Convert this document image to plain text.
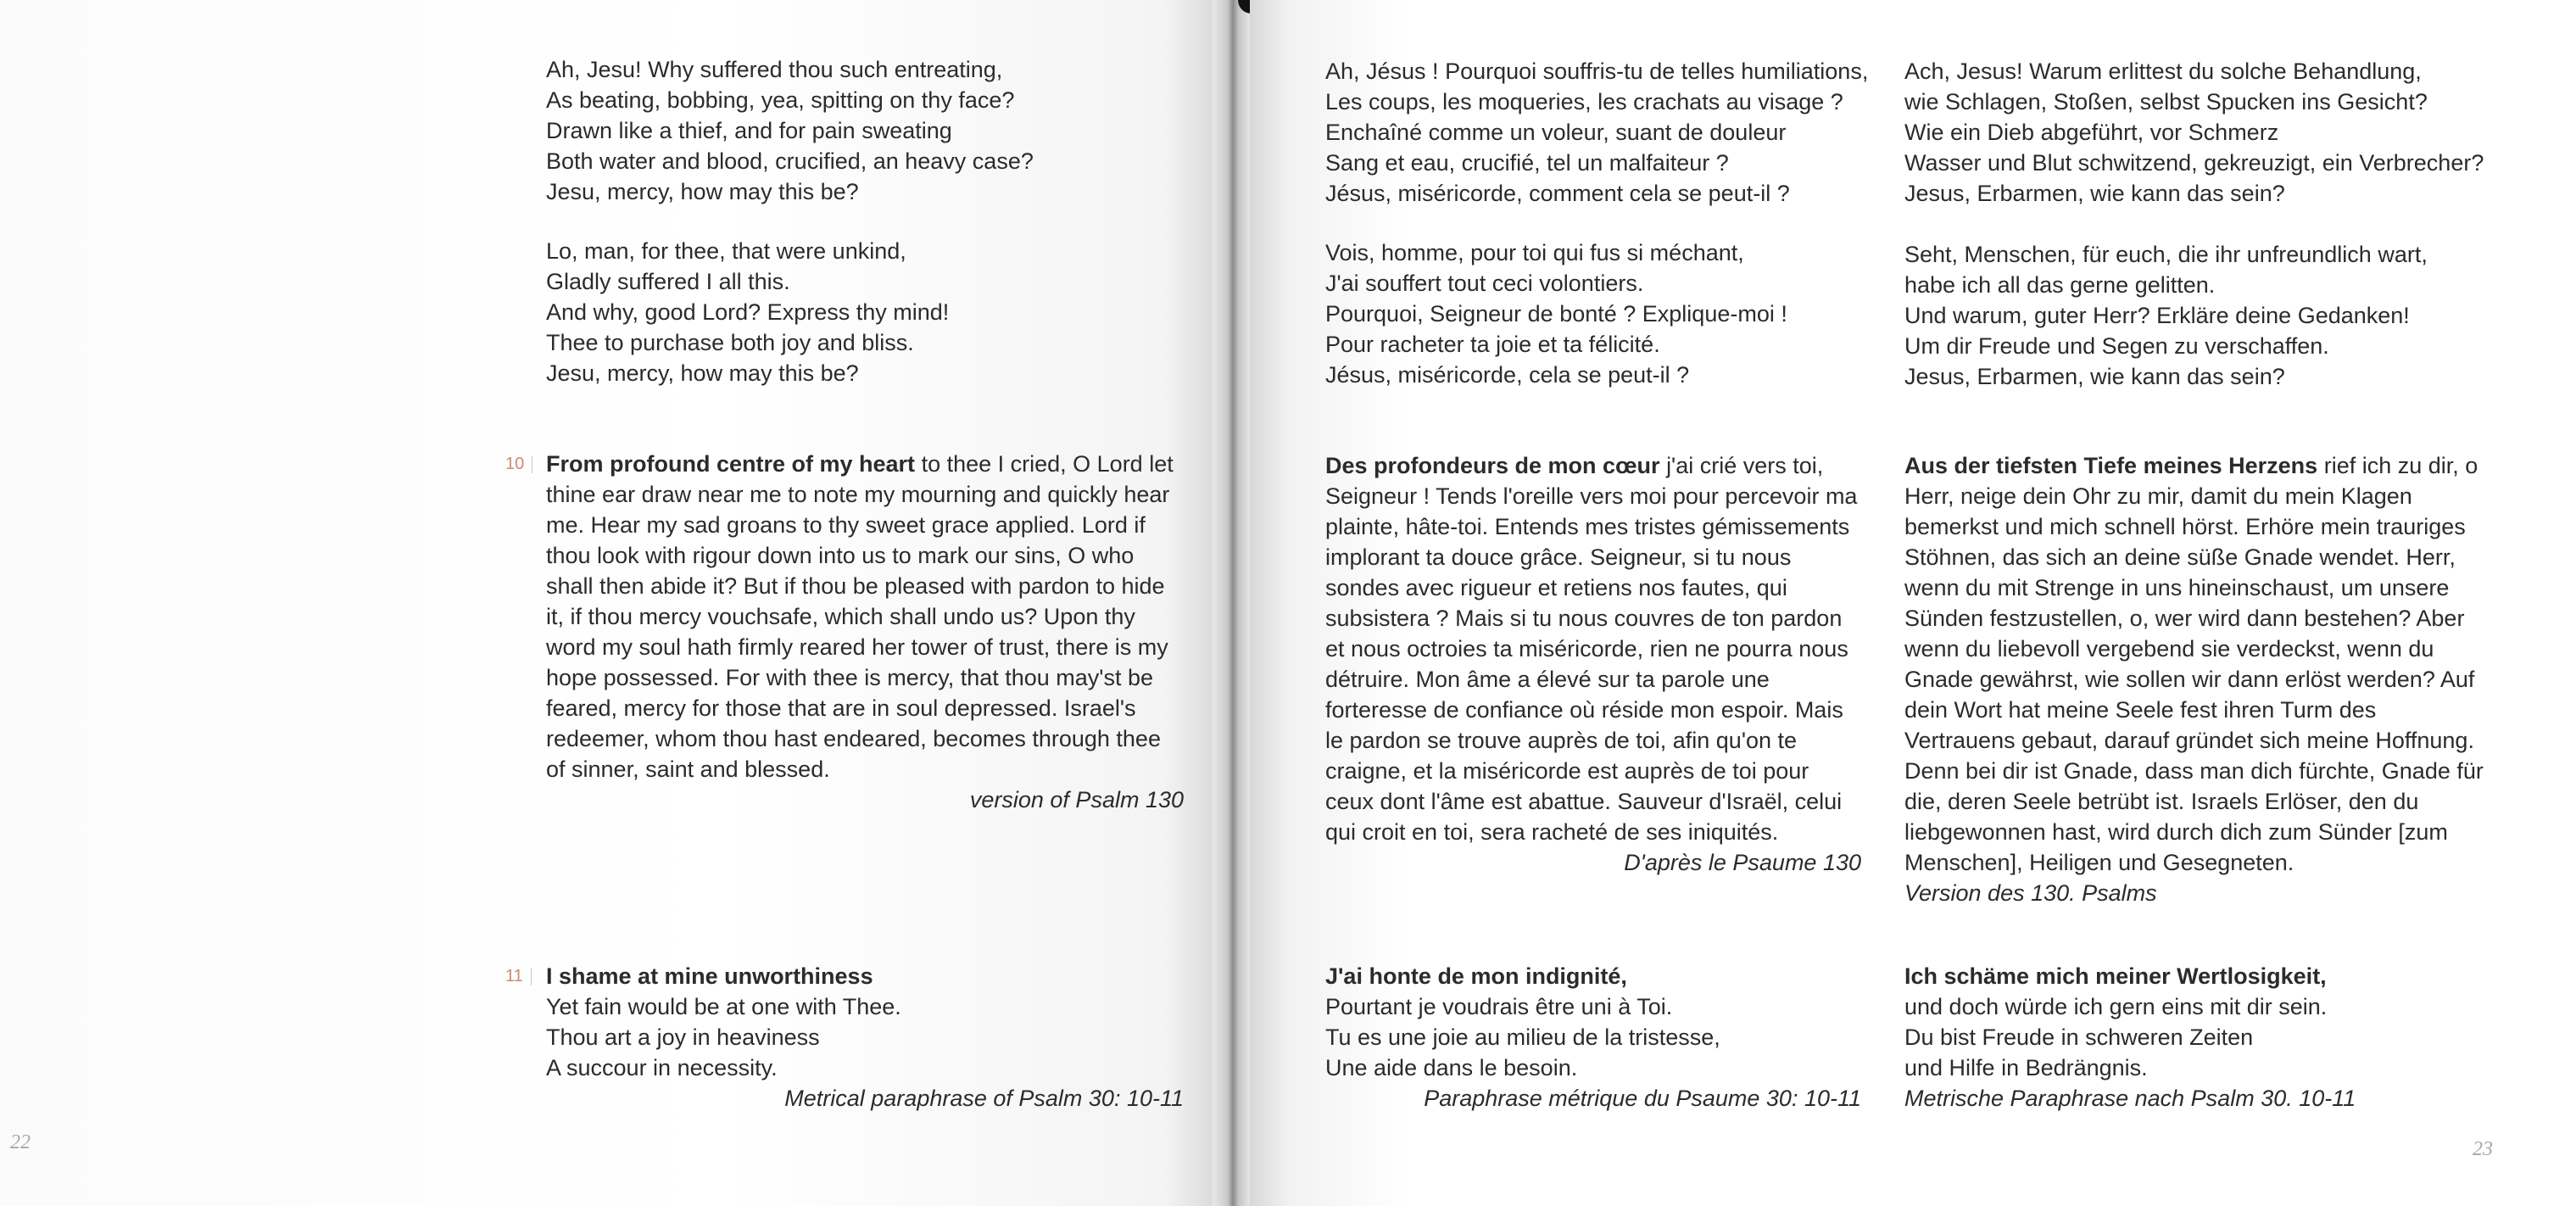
Ah, Jesu! Why suffered thou such entreating,
As beating, bobbing, yea, spitting on thy face?
Drawn like a thief, and for pain sweating
Both water and blood, crucified, an heavy case?
Jesu, mercy, how may this be?
Lo, man, for thee, that were unkind,
Gladly suffered I all this.
And why, good Lord? Express thy mind!
Thee to purchase both joy and bliss.
Jesu, mercy, how may this be?
10 From profound centre of my heart to thee I cried, O Lord let thine ear draw near me to note my mourning and quickly hear me. Hear my sad groans to thy sweet grace applied. Lord if thou look with rigour down into us to mark our sins, O who shall then abide it? But if thou be pleased with pardon to hide it, if thou mercy vouchsafe, which shall undo us? Upon thy word my soul hath firmly reared her tower of trust, there is my hope possessed. For with thee is mercy, that thou may'st be feared, mercy for those that are in soul depressed. Israel's redeemer, whom thou hast endeared, becomes through thee of sinner, saint and blessed.

version of Psalm 130
11 I shame at mine unworthiness
Yet fain would be at one with Thee.
Thou art a joy in heaviness
A succour in necessity.
Metrical paraphrase of Psalm 30: 10-11
22
Ah, Jésus ! Pourquoi souffris-tu de telles humiliations,
Les coups, les moqueries, les crachats au visage ?
Enchaîné comme un voleur, suant de douleur
Sang et eau, crucifié, tel un malfaiteur ?
Jésus, miséricorde, comment cela se peut-il ?
Vois, homme, pour toi qui fus si méchant,
J'ai souffert tout ceci volontiers.
Pourquoi, Seigneur de bonté ? Explique-moi !
Pour racheter ta joie et ta félicité.
Jésus, miséricorde, cela se peut-il ?

Des profondeurs de mon cœur j'ai crié vers toi, Seigneur ! Tends l'oreille vers moi pour percevoir ma plainte, hâte-toi. Entends mes tristes gémissements implorant ta douce grâce. Seigneur, si tu nous sondes avec rigueur et retiens nos fautes, qui subsistera ? Mais si tu nous couvres de ton pardon et nous octroies ta miséricorde, rien ne pourra nous détruire. Mon âme a élevé sur ta parole une forteresse de confiance où réside mon espoir. Mais le pardon se trouve auprès de toi, afin qu'on te craigne, et la miséricorde est auprès de toi pour ceux dont l'âme est abattue. Sauveur d'Israël, celui qui croit en toi, sera racheté de ses iniquités.

D'après le Psaume 130
J'ai honte de mon indignité,
Pourtant je voudrais être uni à Toi.
Tu es une joie au milieu de la tristesse,
Une aide dans le besoin.
Paraphrase métrique du Psaume 30: 10-11
Ach, Jesus! Warum erlittest du solche Behandlung,
wie Schlagen, Stoßen, selbst Spucken ins Gesicht?
Wie ein Dieb abgeführt, vor Schmerz
Wasser und Blut schwitzend, gekreuzigt, ein Verbrecher?
Jesus, Erbarmen, wie kann das sein?
Seht, Menschen, für euch, die ihr unfreundlich wart,
habe ich all das gerne gelitten.
Und warum, guter Herr? Erkläre deine Gedanken!
Um dir Freude und Segen zu verschaffen.
Jesus, Erbarmen, wie kann das sein?

Aus der tiefsten Tiefe meines Herzens rief ich zu dir, o Herr, neige dein Ohr zu mir, damit du mein Klagen bemerkst und mich schnell hörst. Erhöre mein trauriges Stöhnen, das sich an deine süße Gnade wendet. Herr, wenn du mit Strenge in uns hineinschaust, um unsere Sünden festzustellen, o, wer wird dann bestehen? Aber wenn du liebevoll vergebend sie verdeckst, wenn du Gnade gewährst, wie sollen wir dann erlöst werden? Auf dein Wort hat meine Seele fest ihren Turm des Vertrauens gebaut, darauf gründet sich meine Hoffnung. Denn bei dir ist Gnade, dass man dich fürchte, Gnade für die, deren Seele betrübt ist. Israels Erlöser, den du liebgewonnen hast, wird durch dich zum Sünder [zum Menschen], Heiligen und Gesegneten.

Version des 130. Psalms
Ich schäme mich meiner Wertlosigkeit,
und doch würde ich gern eins mit dir sein.
Du bist Freude in schweren Zeiten
und Hilfe in Bedrängnis.
Metrische Paraphrase nach Psalm 30. 10-11
23
